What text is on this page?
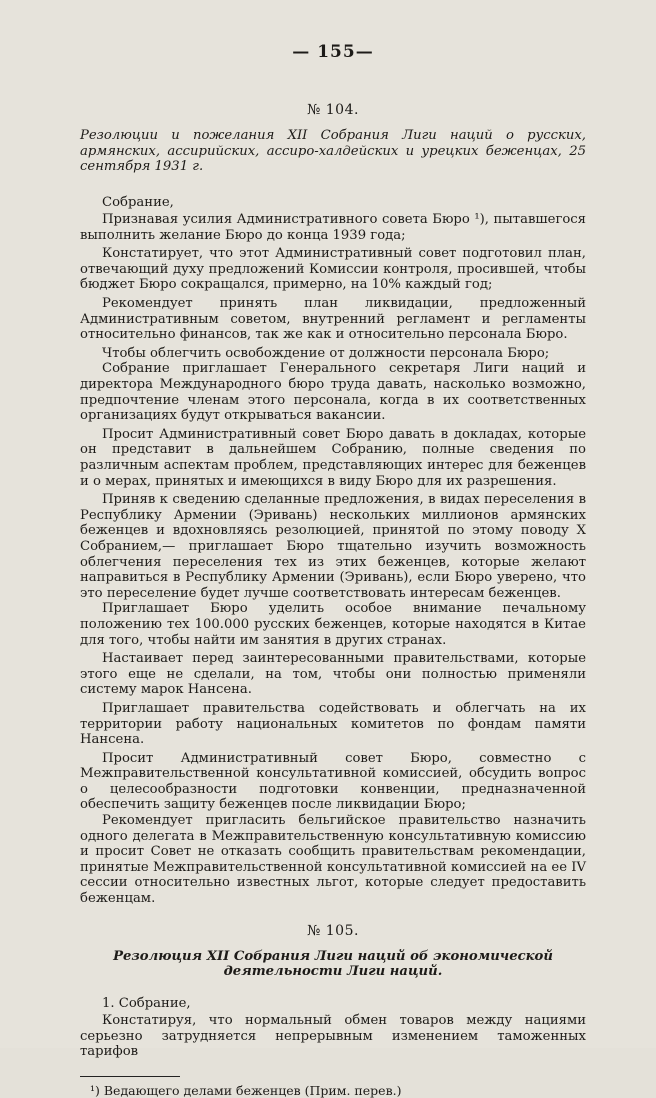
— 155—
№ 104.
Резолюции и пожелания XII Собрания Лиги наций о русских, армянских, ассирийских, ассиро-халдейских и урецких беженцах, 25 сентября 1931 г.

Собрание,

Признавая усилия Административного совета Бюро ¹), пытавшегося выполнить желание Бюро до конца 1939 года;

Констатирует, что этот Административный совет подготовил план, отвечающий духу предложений Комиссии контроля, просившей, чтобы бюджет Бюро сокращался, примерно, на 10% каждый год;

Рекомендует принять план ликвидации, предложенный Административным советом, внутренний регламент и регламенты относительно финансов, так же как и относительно персонала Бюро.

Чтобы облегчить освобождение от должности персонала Бюро;

Собрание приглашает Генерального секретаря Лиги наций и директора Международного бюро труда давать, насколько возможно, предпочтение членам этого персонала, когда в их соответственных организациях будут открываться вакансии.

Просит Административный совет Бюро давать в докладах, которые он представит в дальнейшем Собранию, полные сведения по различным аспектам проблем, представляющих интерес для беженцев и о мерах, принятых и имеющихся в виду Бюро для их разрешения.

Приняв к сведению сделанные предложения, в видах переселения в Республику Армении (Эривань) нескольких миллионов армянских беженцев и вдохновляясь резолюцией, принятой по этому поводу X Собранием,— приглашает Бюро тщательно изучить возможность облегчения переселения тех из этих беженцев, которые желают направиться в Республику Армении (Эривань), если Бюро уверено, что это переселение будет лучше соответствовать интересам беженцев.

Приглашает Бюро уделить особое внимание печальному положению тех 100.000 русских беженцев, которые находятся в Китае для того, чтобы найти им занятия в других странах.

Настаивает перед заинтересованными правительствами, которые этого еще не сделали, на том, чтобы они полностью применяли систему марок Нансена.

Приглашает правительства содействовать и облегчать на их территории работу национальных комитетов по фондам памяти Нансена.

Просит Административный совет Бюро, совместно с Межправительственной консультативной комиссией, обсудить вопрос о целесообразности подготовки конвенции, предназначенной обеспечить защиту беженцев после ликвидации Бюро;

Рекомендует пригласить бельгийское правительство назначить одного делегата в Межправительственную консультативную комиссию и просит Совет не отказать сообщить правительствам рекомендации, принятые Межправительственной консультативной комиссией на ее IV сессии относительно известных льгот, которые следует предоставить беженцам.

№ 105.
Резолюция XII Собрания Лиги наций об экономической деятельности Лиги наций.

1. Собрание,

Констатируя, что нормальный обмен товаров между нациями серьезно затрудняется непрерывным изменением таможенных тарифов

¹) Ведающего делами беженцев (Прим. перев.)
